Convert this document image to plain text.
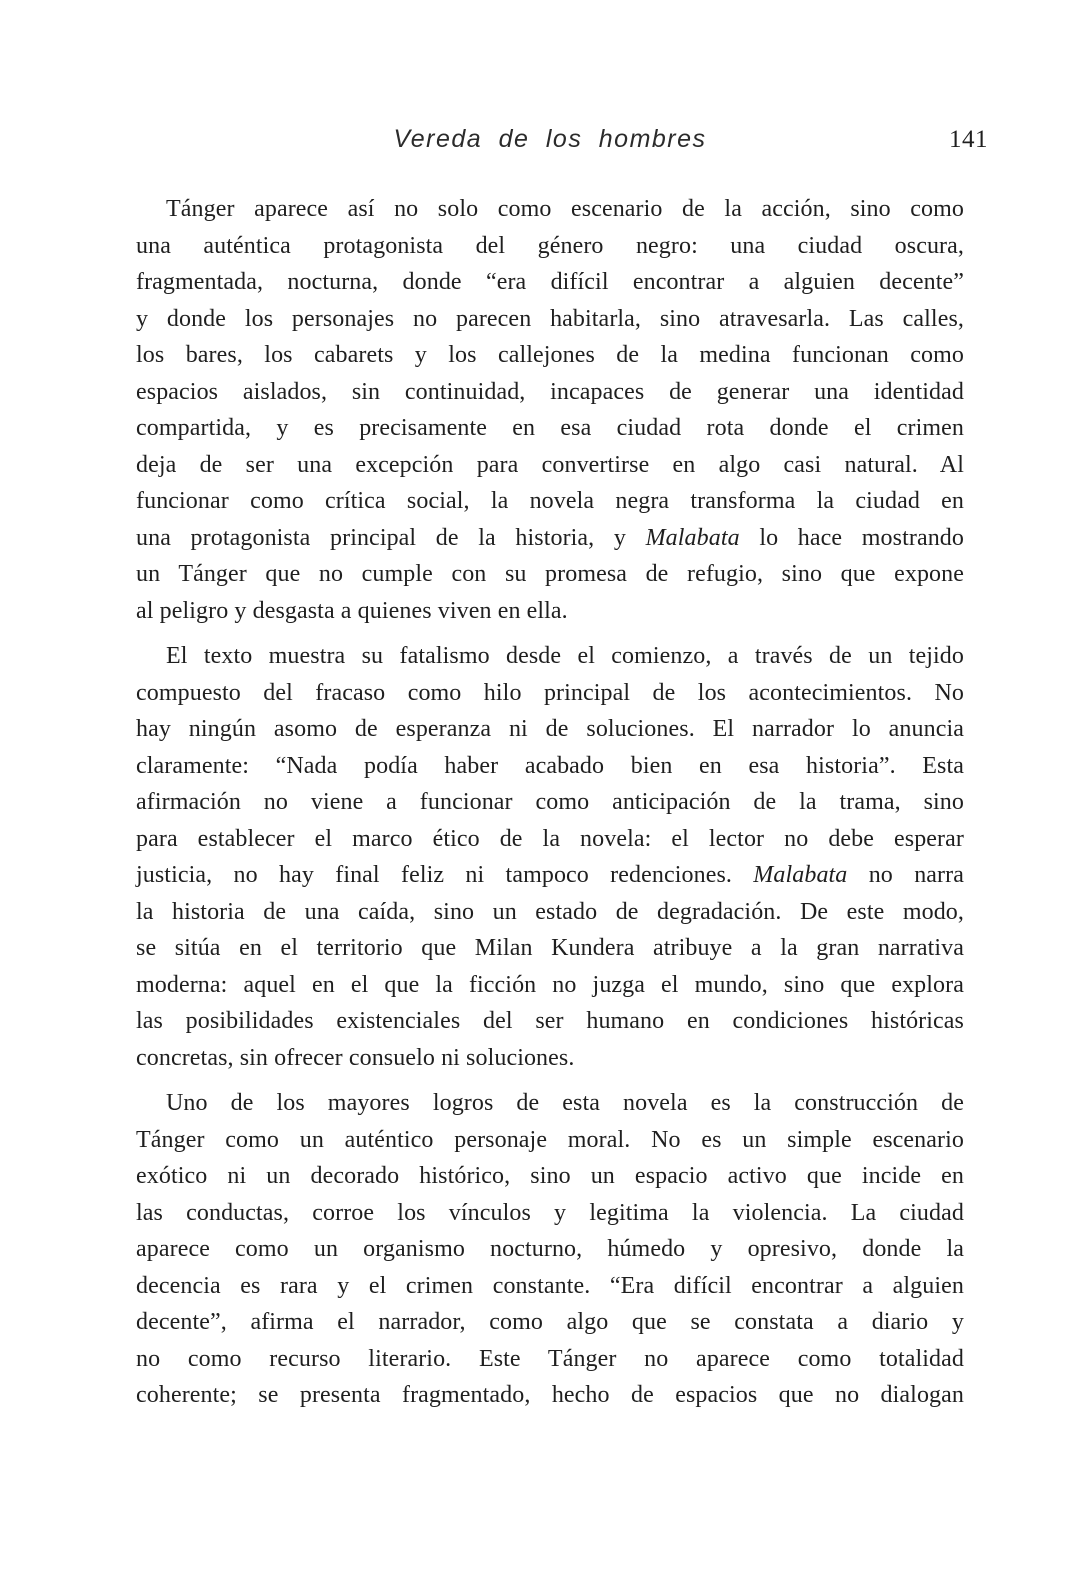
Vereda de los hombres	141
Tánger aparece así no solo como escenario de la acción, sino como
una auténtica protagonista del género negro: una ciudad oscura,
fragmentada, nocturna, donde “era difícil encontrar a alguien decente”
y donde los personajes no parecen habitarla, sino atravesarla. Las calles,
los bares, los cabarets y los callejones de la medina funcionan como
espacios aislados, sin continuidad, incapaces de generar una identidad
compartida, y es precisamente en esa ciudad rota donde el crimen
deja de ser una excepción para convertirse en algo casi natural. Al
funcionar como crítica social, la novela negra transforma la ciudad en
una protagonista principal de la historia, y Malabata lo hace mostrando
un Tánger que no cumple con su promesa de refugio, sino que expone
al peligro y desgasta a quienes viven en ella.
El texto muestra su fatalismo desde el comienzo, a través de un tejido
compuesto del fracaso como hilo principal de los acontecimientos. No
hay ningún asomo de esperanza ni de soluciones. El narrador lo anuncia
claramente: “Nada podía haber acabado bien en esa historia”. Esta
afirmación no viene a funcionar como anticipación de la trama, sino
para establecer el marco ético de la novela: el lector no debe esperar
justicia, no hay final feliz ni tampoco redenciones. Malabata no narra
la historia de una caída, sino un estado de degradación. De este modo,
se sitúa en el territorio que Milan Kundera atribuye a la gran narrativa
moderna: aquel en el que la ficción no juzga el mundo, sino que explora
las posibilidades existenciales del ser humano en condiciones históricas
concretas, sin ofrecer consuelo ni soluciones.
Uno de los mayores logros de esta novela es la construcción de
Tánger como un auténtico personaje moral. No es un simple escenario
exótico ni un decorado histórico, sino un espacio activo que incide en
las conductas, corroe los vínculos y legitima la violencia. La ciudad
aparece como un organismo nocturno, húmedo y opresivo, donde la
decencia es rara y el crimen constante. “Era difícil encontrar a alguien
decente”, afirma el narrador, como algo que se constata a diario y
no como recurso literario. Este Tánger no aparece como totalidad
coherente; se presenta fragmentado, hecho de espacios que no dialogan
